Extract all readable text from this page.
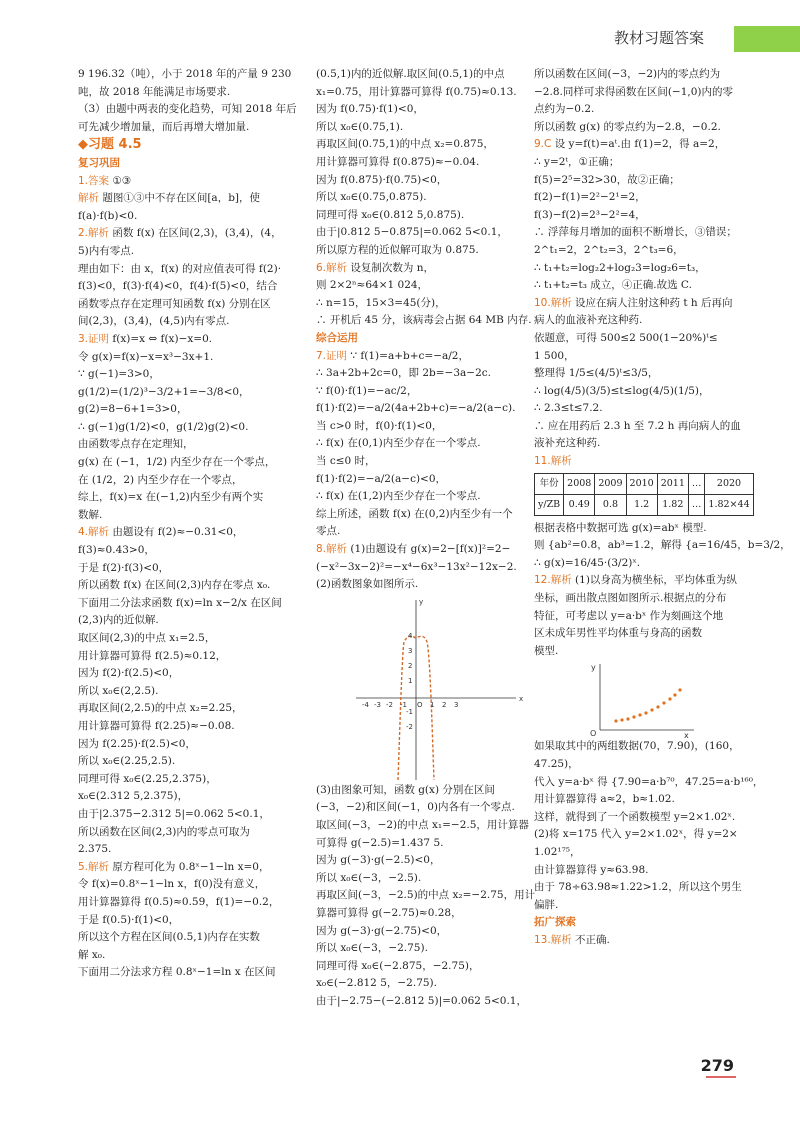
教材习题答案
9 196.32（吨），小于 2018 年的产量 9 230
吨，故 2018 年能满足市场要求.
（3）由题中两表的变化趋势，可知 2018 年后
可先减少增加量，而后再增大增加量.
◆习题 4.5
复习巩固
1.答案 ①③
解析 题图①③中不存在区间[a，b]，使
f(a)·f(b)<0.
2.解析 函数 f(x) 在区间(2,3)，(3,4)，(4，
5)内有零点.
理由如下：由 x，f(x) 的对应值表可得 f(2)·
f(3)<0，f(3)·f(4)<0，f(4)·f(5)<0，结合
函数零点存在定理可知函数 f(x) 分别在区
间(2,3)，(3,4)，(4,5)内有零点.
3.证明 f(x)=x ⇔ f(x)−x=0.
令 g(x)=f(x)−x=x³−3x+1.
∵ g(−1)=3>0，
g(1/2)=(1/2)³−3/2+1=−3/8<0，
g(2)=8−6+1=3>0，
∴ g(−1)g(1/2)<0，g(1/2)g(2)<0.
由函数零点存在定理知，
g(x) 在 (−1，1/2) 内至少存在一个零点，
在 (1/2，2) 内至少存在一个零点，
综上，f(x)=x 在(−1,2)内至少有两个实
数解.
4.解析 由题设有 f(2)≈−0.31<0，
f(3)≈0.43>0，
于是 f(2)·f(3)<0，
所以函数 f(x) 在区间(2,3)内存在零点 x₀.
下面用二分法求函数 f(x)=ln x−2/x 在区间
(2,3)内的近似解.
取区间(2,3)的中点 x₁=2.5，
用计算器可算得 f(2.5)≈0.12，
因为 f(2)·f(2.5)<0，
所以 x₀∈(2,2.5).
再取区间(2,2.5)的中点 x₂=2.25，
用计算器可算得 f(2.25)≈−0.08.
因为 f(2.25)·f(2.5)<0，
所以 x₀∈(2.25,2.5).
同理可得 x₀∈(2.25,2.375)，
x₀∈(2.312 5,2.375)，
由于|2.375−2.312 5|=0.062 5<0.1，
所以函数在区间(2,3)内的零点可取为
2.375.
5.解析 原方程可化为 0.8ˣ−1−ln x=0，
令 f(x)=0.8ˣ−1−ln x，f(0)没有意义，
用计算器算得 f(0.5)≈0.59，f(1)=−0.2，
于是 f(0.5)·f(1)<0，
所以这个方程在区间(0.5,1)内存在实数
解 x₀.
下面用二分法求方程 0.8ˣ−1=ln x 在区间
(0.5,1)内的近似解.取区间(0.5,1)的中点
x₁=0.75，用计算器可算得 f(0.75)≈0.13.
因为 f(0.75)·f(1)<0，
所以 x₀∈(0.75,1).
再取区间(0.75,1)的中点 x₂=0.875，
用计算器可算得 f(0.875)≈−0.04.
因为 f(0.875)·f(0.75)<0，
所以 x₀∈(0.75,0.875).
同理可得 x₀∈(0.812 5,0.875).
由于|0.812 5−0.875|=0.062 5<0.1，
所以原方程的近似解可取为 0.875.
6.解析 设复制次数为 n，
则 2×2ⁿ≈64×1 024，
∴ n=15，15×3=45(分)，
∴ 开机后 45 分，该病毒会占据 64 MB 内存.
综合运用
7.证明 ∵ f(1)=a+b+c=−a/2，
∴ 3a+2b+2c=0，即 2b=−3a−2c.
∵ f(0)·f(1)=−ac/2，
f(1)·f(2)=−a/2(4a+2b+c)=−a/2(a−c).
当 c>0 时，f(0)·f(1)<0，
∴ f(x) 在(0,1)内至少存在一个零点.
当 c≤0 时，
f(1)·f(2)=−a/2(a−c)<0，
∴ f(x) 在(1,2)内至少存在一个零点.
综上所述，函数 f(x) 在(0,2)内至少有一个
零点.
8.解析 (1)由题设有 g(x)=2−[f(x)]²=2−
(−x²−3x−2)²=−x⁴−6x³−13x²−12x−2.
(2)函数图象如图所示.
y
x
4
3
2
1
-1
-2
-4 -3 -2 -1 O 1 2 3
(3)由图象可知，函数 g(x) 分别在区间
(−3，−2)和区间(−1，0)内各有一个零点.
取区间(−3，−2)的中点 x₁=−2.5，用计算器
可算得 g(−2.5)=1.437 5.
因为 g(−3)·g(−2.5)<0，
所以 x₀∈(−3，−2.5).
再取区间(−3，−2.5)的中点 x₂=−2.75，用计
算器可算得 g(−2.75)≈0.28，
因为 g(−3)·g(−2.75)<0，
所以 x₀∈(−3，−2.75).
同理可得 x₀∈(−2.875，−2.75)，
x₀∈(−2.812 5，−2.75).
由于|−2.75−(−2.812 5)|=0.062 5<0.1，
所以函数在区间(−3，−2)内的零点约为
−2.8.同样可求得函数在区间(−1,0)内的零
点约为−0.2.
所以函数 g(x) 的零点约为−2.8，−0.2.
9.C 设 y=f(t)=aᵗ.由 f(1)=2，得 a=2，
∴ y=2ᵗ，①正确；
f(5)=2⁵=32>30，故②正确；
f(2)−f(1)=2²−2¹=2，
f(3)−f(2)=2³−2²=4，
∴ 浮萍每月增加的面积不断增长，③错误；
2^t₁=2，2^t₂=3，2^t₃=6，
∴ t₁+t₂=log₂2+log₂3=log₂6=t₃，
∴ t₁+t₂=t₃ 成立，④正确.故选 C.
10.解析 设应在病人注射这种药 t h 后再向
病人的血液补充这种药.
依题意，可得 500≤2 500(1−20%)ᵗ≤
1 500，
整理得 1/5≤(4/5)ᵗ≤3/5，
∴ log(4/5)(3/5)≤t≤log(4/5)(1/5)，
∴ 2.3≤t≤7.2.
∴ 应在用药后 2.3 h 至 7.2 h 再向病人的血
液补充这种药.
11.解析
年份	2008	2009	2010	2011	…	2020
y/ZB	0.49	0.8	1.2	1.82	…	1.82×44
根据表格中数据可选 g(x)=abˣ 模型.
则 {ab²=0.8，ab³=1.2，解得 {a=16/45，b=3/2，
∴ g(x)=16/45·(3/2)ˣ.
12.解析 (1)以身高为横坐标，平均体重为纵
坐标，画出散点图如图所示.根据点的分布
特征，可考虑以 y=a·bˣ 作为刻画这个地
区未成年男性平均体重与身高的函数
模型.
y
O	x
如果取其中的两组数据(70，7.90)，(160，
47.25)，
代入 y=a·bˣ 得 {7.90=a·b⁷⁰，47.25=a·b¹⁶⁰，
用计算器算得 a≈2，b≈1.02.
这样，就得到了一个函数模型 y=2×1.02ˣ.
(2)将 x=175 代入 y=2×1.02ˣ，得 y=2×
1.02¹⁷⁵，
由计算器算得 y≈63.98.
由于 78÷63.98≈1.22>1.2，所以这个男生
偏胖.
拓广探索
13.解析 不正确.
279
